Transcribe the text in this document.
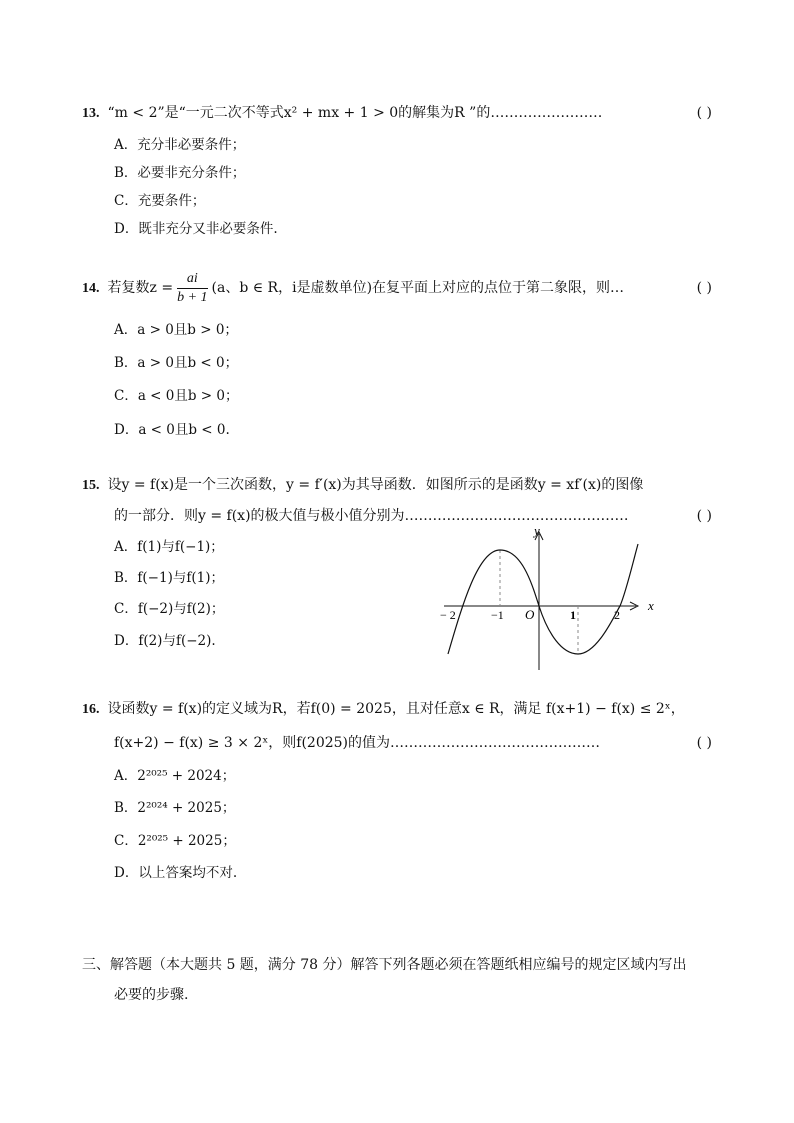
13. “m < 2”是“一元二次不等式x² + mx + 1 > 0的解集为R ”的……………………	( )
A．充分非必要条件；
B．必要非充分条件；
C．充要条件；
D．既非充分又非必要条件.
14. 若复数$z = \frac{ai}{b + 1} (a$、b ∈ R，i是虚数单位)在复平面上对应的点位于第二象限，则…	( )
A．a > 0且b > 0；
B．a > 0且b < 0；
C．a < 0且b > 0；
D．a < 0且b < 0.
15. 设y = f(x)是一个三次函数，y = f′(x)为其导函数．如图所示的是函数y = xf′(x)的图像
的一部分．则y = f(x)的极大值与极小值分别为…………………………………………	( )
A．f(1)与f(−1)；
B．f(−1)与f(1)；
C．f(−2)与f(2)；
D．f(2)与f(−2).
y
x
O
− 2	−1	1	2
16. 设函数y = f(x)的定义域为R，若f(0) = 2025，且对任意x ∈ R，满足 f(x+1) − f(x) ≤ 2ˣ，
f(x+2) − f(x) ≥ 3 × 2ˣ，则f(2025)的值为………………………………………	( )
A．2²⁰²⁵ + 2024；
B．2²⁰²⁴ + 2025；
C．2²⁰²⁵ + 2025；
D．以上答案均不对.
三、解答题（本大题共 5 题，满分 78 分）解答下列各题必须在答题纸相应编号的规定区域内写出
必要的步骤.
